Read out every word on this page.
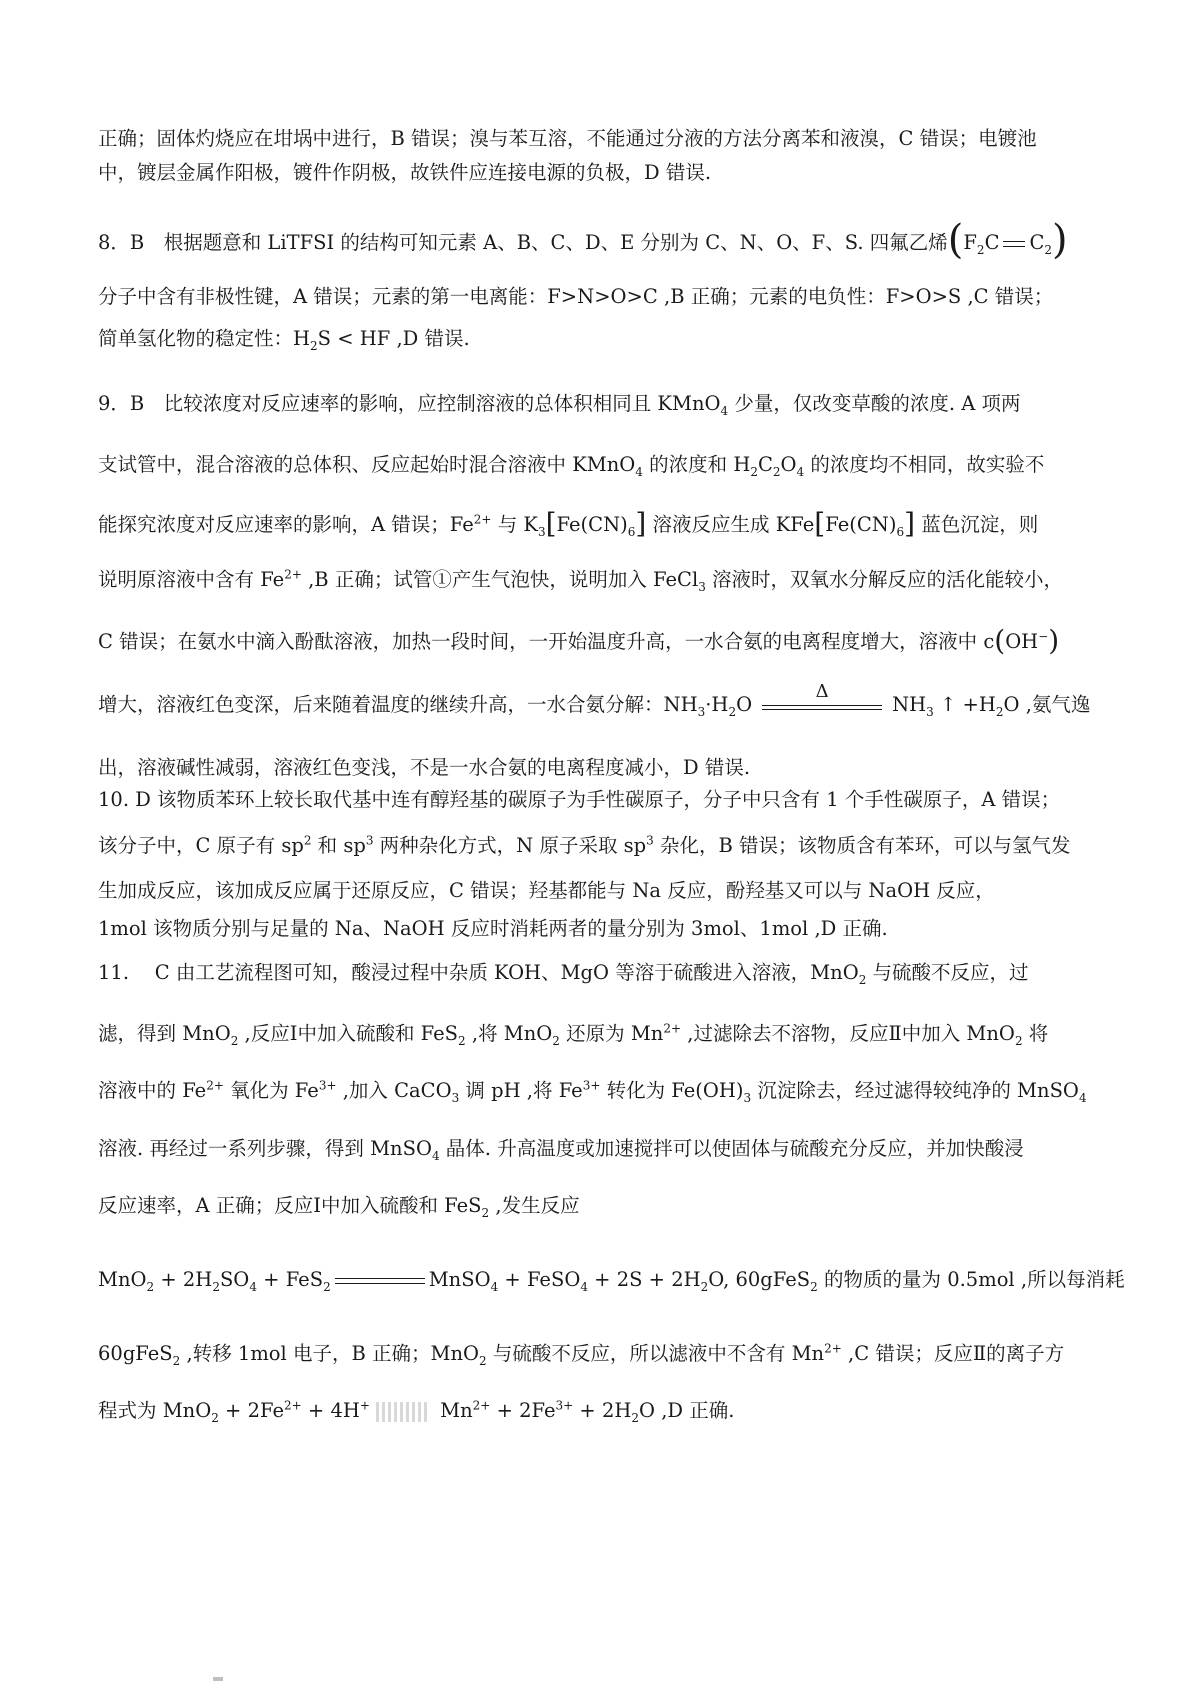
正确；固体灼烧应在坩埚中进行，B 错误；溴与苯互溶，不能通过分液的方法分离苯和液溴，C 错误；电镀池
中，镀层金属作阳极，镀件作阴极，故铁件应连接电源的负极，D 错误.
8．B　根据题意和 LiTFSI 的结构可知元素 A、B、C、D、E 分别为 C、N、O、F、S. 四氟乙烯($F_2C$ $C_2$)
分子中含有非极性键，A 错误；元素的第一电离能：F>N>O>C ,B 正确；元素的电负性：F>O>S ,C 错误；
简单氢化物的稳定性：$H_2S$ < HF ,D 错误.
9．B　比较浓度对反应速率的影响，应控制溶液的总体积相同且 KMnO$_4$ 少量，仅改变草酸的浓度. A 项两
支试管中，混合溶液的总体积、反应起始时混合溶液中 KMnO$_4$ 的浓度和 $H_2C_2O_4$ 的浓度均不相同，故实验不
能探究浓度对反应速率的影响，A 错误；$Fe^{2+}$ 与 $K_3[Fe(CN)_6]$ 溶液反应生成 $KFe[Fe(CN)_6]$ 蓝色沉淀，则
说明原溶液中含有 $Fe^{2+}$ ,B 正确；试管①产生气泡快，说明加入 FeCl$_3$ 溶液时，双氧水分解反应的活化能较小，
C 错误；在氨水中滴入酚酞溶液，加热一段时间，一开始温度升高，一水合氨的电离程度增大，溶液中 c(OH−)
增大，溶液红色变深，后来随着温度的继续升高，一水合氨分解：$NH_3\cdot H_2O$
Δ
$NH_3$ ↑ $+H_2O$ ,氨气逸
出，溶液碱性减弱，溶液红色变浅，不是一水合氨的电离程度减小，D 错误.
10. D 该物质苯环上较长取代基中连有醇羟基的碳原子为手性碳原子，分子中只含有 1 个手性碳原子，A 错误；
该分子中，C 原子有 $sp^2$ 和 $sp^3$ 两种杂化方式，N 原子采取 $sp^3$ 杂化，B 错误；该物质含有苯环，可以与氢气发
生加成反应，该加成反应属于还原反应，C 错误；羟基都能与 Na 反应，酚羟基又可以与 NaOH 反应，
1mol 该物质分别与足量的 Na、NaOH 反应时消耗两者的量分别为 3mol、1mol ,D 正确.
11.　 C 由工艺流程图可知，酸浸过程中杂质 KOH、MgO 等溶于硫酸进入溶液，MnO$_2$ 与硫酸不反应，过
滤，得到 MnO$_2$ ,反应Ⅰ中加入硫酸和 FeS$_2$ ,将 MnO$_2$ 还原为 $Mn^{2+}$ ,过滤除去不溶物，反应Ⅱ中加入 MnO$_2$ 将
溶液中的 $Fe^{2+}$ 氧化为 $Fe^{3+}$ ,加入 CaCO$_3$ 调 pH ,将 $Fe^{3+}$ 转化为 $Fe(OH)_3$ 沉淀除去，经过滤得较纯净的 MnSO$_4$
溶液. 再经过一系列步骤，得到 MnSO$_4$ 晶体. 升高温度或加速搅拌可以使固体与硫酸充分反应，并加快酸浸
反应速率，A 正确；反应Ⅰ中加入硫酸和 FeS$_2$ ,发生反应
$MnO_2 + 2H_2SO_4 + FeS_2$	MnSO$_4$ + FeSO$_4$ + $2S + 2H_2O$, 60gFeS$_2$ 的物质的量为 0.5mol ,所以每消耗
60gFeS$_2$ ,转移 1mol 电子，B 正确；MnO$_2$ 与硫酸不反应，所以滤液中不含有 $Mn^{2+}$ ,C 错误；反应Ⅱ的离子方
程式为 $MnO_2 + 2Fe^{2+} + 4H^+$	$Mn^{2+} + 2Fe^{3+} + 2H_2O$ ,D 正确.
